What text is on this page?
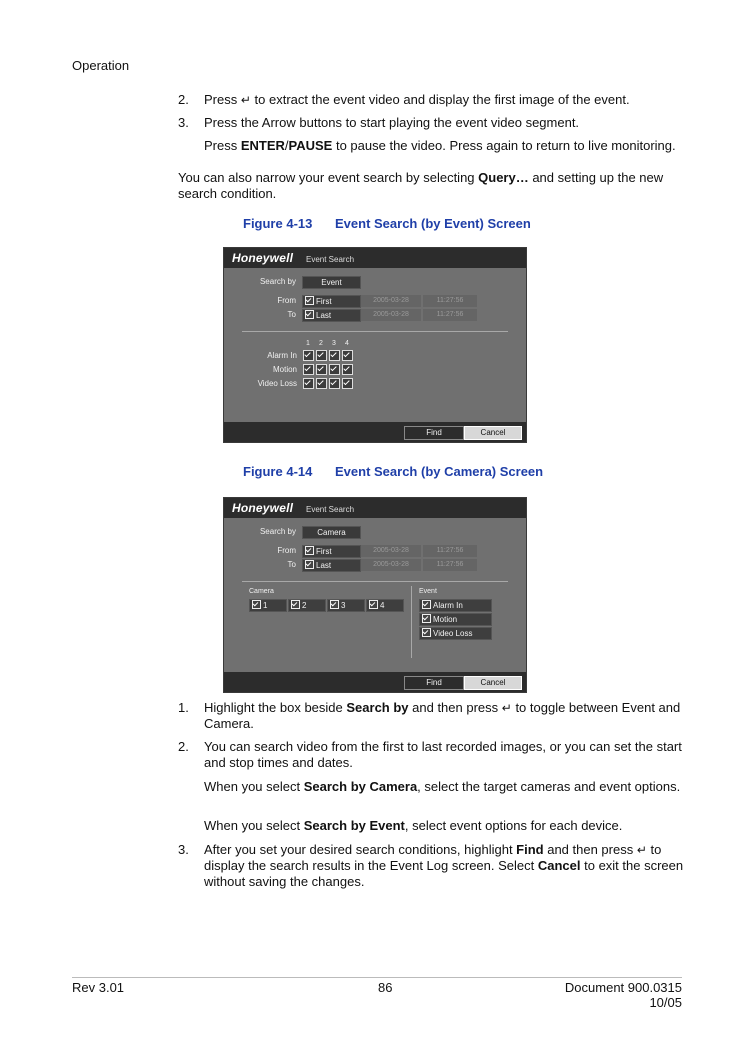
Operation
2. Press ↵ to extract the event video and display the first image of the event.
3. Press the Arrow buttons to start playing the event video segment.
Press ENTER/PAUSE to pause the video. Press again to return to live monitoring.
You can also narrow your event search by selecting Query… and setting up the new search condition.
Figure 4-13 Event Search (by Event) Screen
Honeywell Event Search
Search by	Event
From	First	2005-03-28	11:27:56
To	Last	2005-03-28	11:27:56
1 2 3 4
Alarm In
Motion
Video Loss
Find	Cancel
Figure 4-14 Event Search (by Camera) Screen
Honeywell Event Search
Search by	Camera
From	First	2005-03-28	11:27:56
To	Last	2005-03-28	11:27:56
Camera
1	2	3	4
Event
Alarm In
Motion
Video Loss
Find	Cancel
1. Highlight the box beside Search by and then press ↵ to toggle between Event and Camera.
2. You can search video from the first to last recorded images, or you can set the start and stop times and dates.
When you select Search by Camera, select the target cameras and event options.
When you select Search by Event, select event options for each device.
3. After you set your desired search conditions, highlight Find and then press ↵ to display the search results in the Event Log screen. Select Cancel to exit the screen without saving the changes.
Rev 3.01	86	Document 900.0315
10/05
